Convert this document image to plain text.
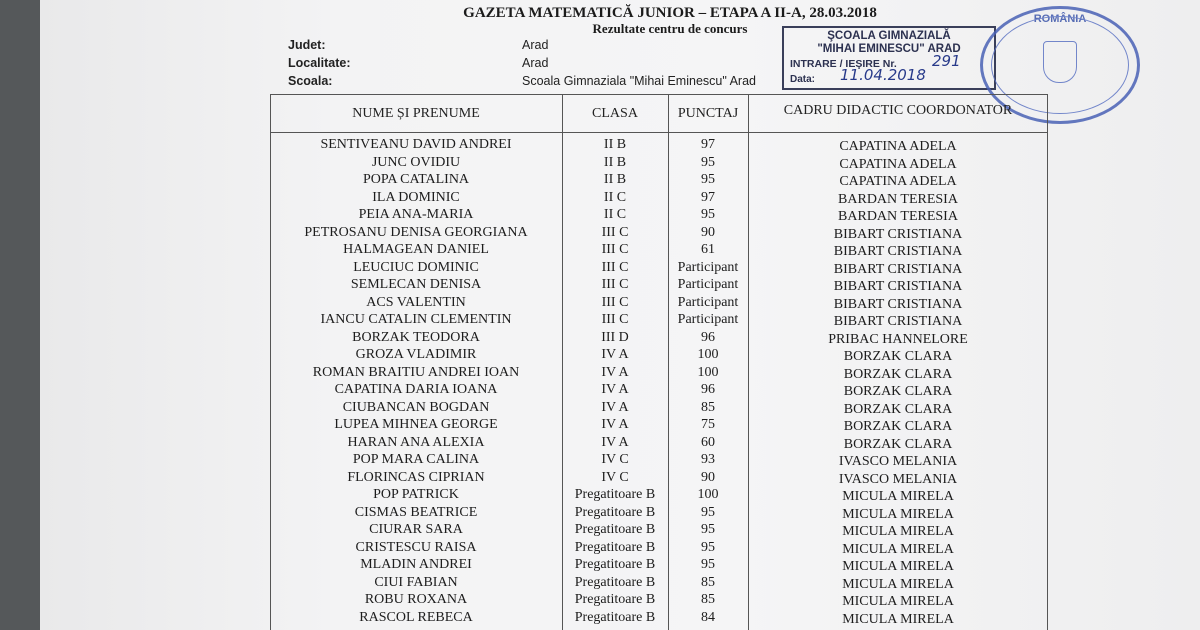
GAZETA MATEMATICĂ JUNIOR – ETAPA A II-A, 28.03.2018
Rezultate centru de concurs
Judet:	Arad
Localitate:	Arad
Scoala:	Scoala Gimnaziala "Mihai Eminescu" Arad
ŞCOALA GIMNAZIALĂ
"MIHAI EMINESCU" ARAD
INTRARE / IEŞIRE Nr.
Data:
291
11.04.2018
ROMÂNIA
NUME ȘI PRENUME	CLASA	PUNCTAJ	CADRU DIDACTIC COORDONATOR
SENTIVEANU DAVID ANDREI	II B	97	CAPATINA ADELA
JUNC OVIDIU	II B	95	CAPATINA ADELA
POPA CATALINA	II B	95	CAPATINA ADELA
ILA DOMINIC	II C	97	BARDAN TERESIA
PEIA ANA-MARIA	II C	95	BARDAN TERESIA
PETROSANU DENISA GEORGIANA	III C	90	BIBART CRISTIANA
HALMAGEAN DANIEL	III C	61	BIBART CRISTIANA
LEUCIUC DOMINIC	III C	Participant	BIBART CRISTIANA
SEMLECAN DENISA	III C	Participant	BIBART CRISTIANA
ACS VALENTIN	III C	Participant	BIBART CRISTIANA
IANCU CATALIN CLEMENTIN	III C	Participant	BIBART CRISTIANA
BORZAK TEODORA	III D	96	PRIBAC HANNELORE
GROZA VLADIMIR	IV A	100	BORZAK CLARA
ROMAN BRAITIU ANDREI IOAN	IV A	100	BORZAK CLARA
CAPATINA DARIA IOANA	IV A	96	BORZAK CLARA
CIUBANCAN BOGDAN	IV A	85	BORZAK CLARA
LUPEA MIHNEA GEORGE	IV A	75	BORZAK CLARA
HARAN ANA ALEXIA	IV A	60	BORZAK CLARA
POP MARA CALINA	IV C	93	IVASCO MELANIA
FLORINCAS CIPRIAN	IV C	90	IVASCO MELANIA
POP PATRICK	Pregatitoare B	100	MICULA MIRELA
CISMAS BEATRICE	Pregatitoare B	95	MICULA MIRELA
CIURAR SARA	Pregatitoare B	95	MICULA MIRELA
CRISTESCU RAISA	Pregatitoare B	95	MICULA MIRELA
MLADIN ANDREI	Pregatitoare B	95	MICULA MIRELA
CIUI FABIAN	Pregatitoare B	85	MICULA MIRELA
ROBU ROXANA	Pregatitoare B	85	MICULA MIRELA
RASCOL REBECA	Pregatitoare B	84	MICULA MIRELA
